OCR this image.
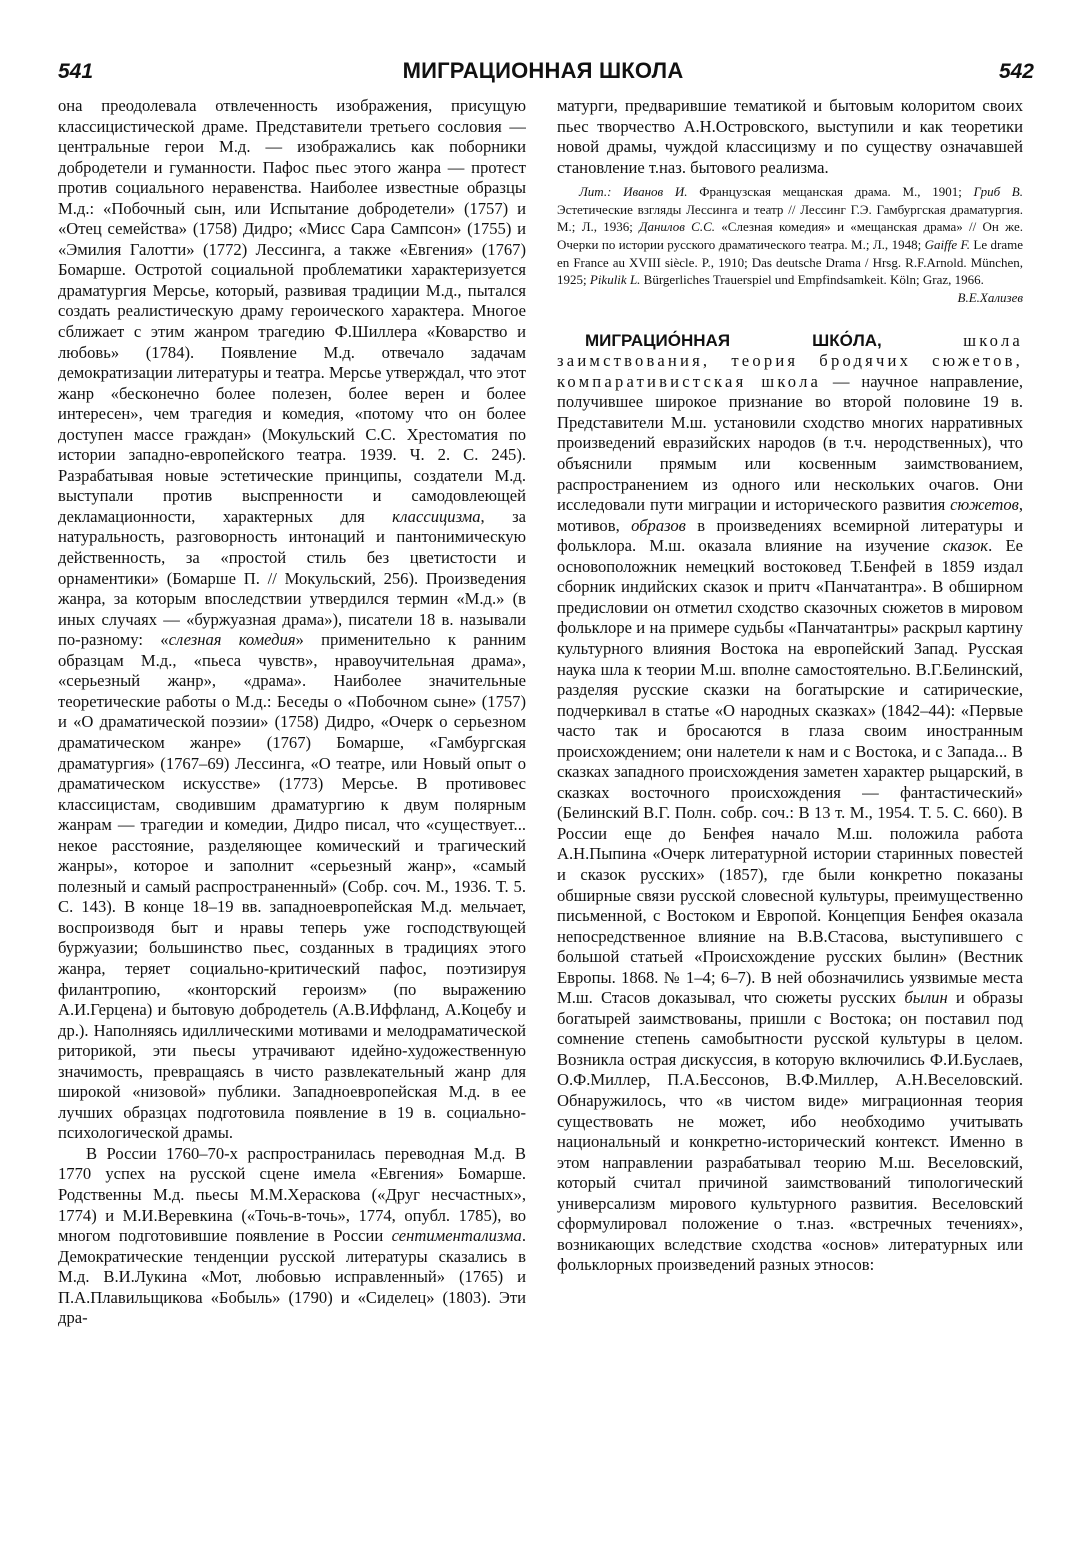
541	МИГРАЦИОННАЯ ШКОЛА	542

она преодолевала отвлеченность изображения, присущую классицистической драме. Представители третьего сословия — центральные герои М.д. — изображались как поборники добродетели и гуманности. Пафос пьес этого жанра — протест против социального неравенства. Наиболее известные образцы М.д.: «Побочный сын, или Испытание добродетели» (1757) и «Отец семейства» (1758) Дидро; «Мисс Сара Сампсон» (1755) и «Эмилия Галотти» (1772) Лессинга, а также «Евгения» (1767) Бомарше. Остротой социальной проблематики характеризуется драматургия Мерсье, который, развивая традиции М.д., пытался создать реалистическую драму героического характера. Многое сближает с этим жанром трагедию Ф.Шиллера «Коварство и любовь» (1784). Появление М.д. отвечало задачам демократизации литературы и театра. Мерсье утверждал, что этот жанр «бесконечно более полезен, более верен и более интересен», чем трагедия и комедия, «потому что он более доступен массе граждан» (Мокульский С.С. Хрестоматия по истории западно-европейского театра. 1939. Ч. 2. С. 245). Разрабатывая новые эстетические принципы, создатели М.д. выступали против выспренности и самодовлеющей декламационности, характерных для классицизма, за натуральность, разговорность интонаций и пантонимическую действенность, за «простой стиль без цветистости и орнаментики» (Бомарше П. // Мокульский, 256). Произведения жанра, за которым впоследствии утвердился термин «М.д.» (в иных случаях — «буржуазная драма»), писатели 18 в. называли по-разному: «слезная комедия» применительно к ранним образцам М.д., «пьеса чувств», нравоучительная драма», «серьезный жанр», «драма». Наиболее значительные теоретические работы о М.д.: Беседы о «Побочном сыне» (1757) и «О драматической поэзии» (1758) Дидро, «Очерк о серьезном драматическом жанре» (1767) Бомарше, «Гамбургская драматургия» (1767–69) Лессинга, «О театре, или Новый опыт о драматическом искусстве» (1773) Мерсье. В противовес классицистам, сводившим драматургию к двум полярным жанрам — трагедии и комедии, Дидро писал, что «существует... некое расстояние, разделяющее комический и трагический жанры», которое и заполнит «серьезный жанр», «самый полезный и самый распространенный» (Собр. соч. М., 1936. Т. 5. С. 143). В конце 18–19 вв. западноевропейская М.д. мельчает, воспроизводя быт и нравы теперь уже господствующей буржуазии; большинство пьес, созданных в традициях этого жанра, теряет социально-критический пафос, поэтизируя филантропию, «конторский героизм» (по выражению А.И.Герцена) и бытовую добродетель (А.В.Иффланд, А.Коцебу и др.). Наполняясь идиллическими мотивами и мелодраматической риторикой, эти пьесы утрачивают идейно-художественную значимость, превращаясь в чисто развлекательный жанр для широкой «низовой» публики. Западноевропейская М.д. в ее лучших образцах подготовила появление в 19 в. социально-психологической драмы.

В России 1760–70-х распространилась переводная М.д. В 1770 успех на русской сцене имела «Евгения» Бомарше. Родственны М.д. пьесы М.М.Хераскова («Друг несчастных», 1774) и М.И.Веревкина («Точь-в-точь», 1774, опубл. 1785), во многом подготовившие появление в России сентиментализма. Демократические тенденции русской литературы сказались в М.д. В.И.Лукина «Мот, любовью исправленный» (1765) и П.А.Плавильщикова «Бобыль» (1790) и «Сиделец» (1803). Эти дра-

матурги, предварившие тематикой и бытовым колоритом своих пьес творчество А.Н.Островского, выступили и как теоретики новой драмы, чуждой классицизму и по существу означавшей становление т.наз. бытового реализма.

Лит.: Иванов И. Французская мещанская драма. М., 1901; Гриб В. Эстетические взгляды Лессинга и театр // Лессинг Г.Э. Гамбургская драматургия. М.; Л., 1936; Данилов С.С. «Слезная комедия» и «мещанская драма» // Он же. Очерки по истории русского драматического театра. М.; Л., 1948; Gaiffe F. Le drame en France au XVIII siècle. P., 1910; Das deutsche Drama / Hrsg. R.F.Arnold. München, 1925; Pikulik L. Bürgerliches Trauerspiel und Empfindsamkeit. Köln; Graz, 1966.

В.Е.Хализев

МИГРАЦИО́ННАЯ ШКО́ЛА,	школа заимствования, теория бродячих сюжетов, компаративистская школа — научное направление, получившее широкое признание во второй половине 19 в. Представители М.ш. установили сходство многих нарративных произведений евразийских народов (в т.ч. неродственных), что объяснили прямым или косвенным заимствованием, распространением из одного или нескольких очагов. Они исследовали пути миграции и исторического развития сюжетов, мотивов, образов в произведениях всемирной литературы и фольклора. М.ш. оказала влияние на изучение сказок. Ее основоположник немецкий востоковед Т.Бенфей в 1859 издал сборник индийских сказок и притч «Панчатантра». В обширном предисловии он отметил сходство сказочных сюжетов в мировом фольклоре и на примере судьбы «Панчатантры» раскрыл картину культурного влияния Востока на европейский Запад. Русская наука шла к теории М.ш. вполне самостоятельно. В.Г.Белинский, разделяя русские сказки на богатырские и сатирические, подчеркивал в статье «О народных сказках» (1842–44): «Первые часто так и бросаются в глаза своим иностранным происхождением; они налетели к нам и с Востока, и с Запада... В сказках западного происхождения заметен характер рыцарский, в сказках восточного происхождения — фантастический» (Белинский В.Г. Полн. собр. соч.: В 13 т. М., 1954. Т. 5. С. 660). В России еще до Бенфея начало М.ш. положила работа А.Н.Пыпина «Очерк литературной истории старинных повестей и сказок русских» (1857), где были конкретно показаны обширные связи русской словесной культуры, преимущественно письменной, с Востоком и Европой. Концепция Бенфея оказала непосредственное влияние на В.В.Стасова, выступившего с большой статьей «Происхождение русских былин» (Вестник Европы. 1868. № 1–4; 6–7). В ней обозначились уязвимые места М.ш. Стасов доказывал, что сюжеты русских былин и образы богатырей заимствованы, пришли с Востока; он поставил под сомнение степень самобытности русской культуры в целом. Возникла острая дискуссия, в которую включились Ф.И.Буслаев, О.Ф.Миллер, П.А.Бессонов, В.Ф.Миллер, А.Н.Веселовский. Обнаружилось, что «в чистом виде» миграционная теория существовать не может, ибо необходимо учитывать национальный и конкретно-исторический контекст. Именно в этом направлении разрабатывал теорию М.ш. Веселовский, который считал причиной заимствований типологический универсализм мирового культурного развития. Веселовский сформулировал положение о т.наз. «встречных течениях», возникающих вследствие сходства «основ» литературных или фольклорных произведений разных этносов:
